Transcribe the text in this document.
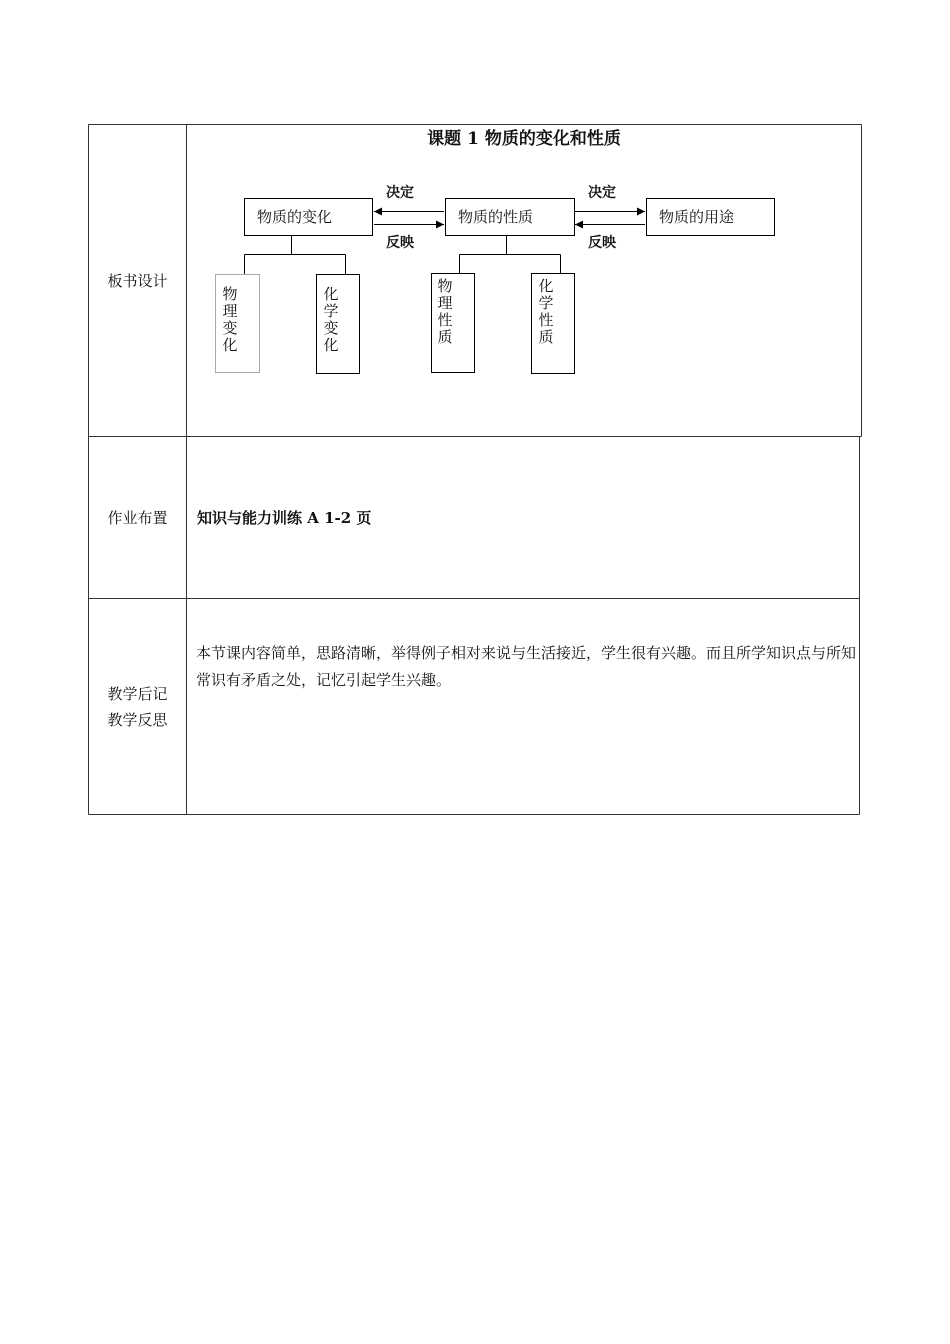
板书设计
作业布置
教学后记
教学反思
课题 1 物质的变化和性质
物质的变化	物质的性质	物质的用途
决定
反映
决定
反映
物理变化
化学变化
物理性质
化学性质
知识与能力训练 A 1-2 页
本节课内容简单，思路清晰，举得例子相对来说与生活接近，学生很有兴趣。而且所学知识点与所知常识有矛盾之处，记忆引起学生兴趣。
